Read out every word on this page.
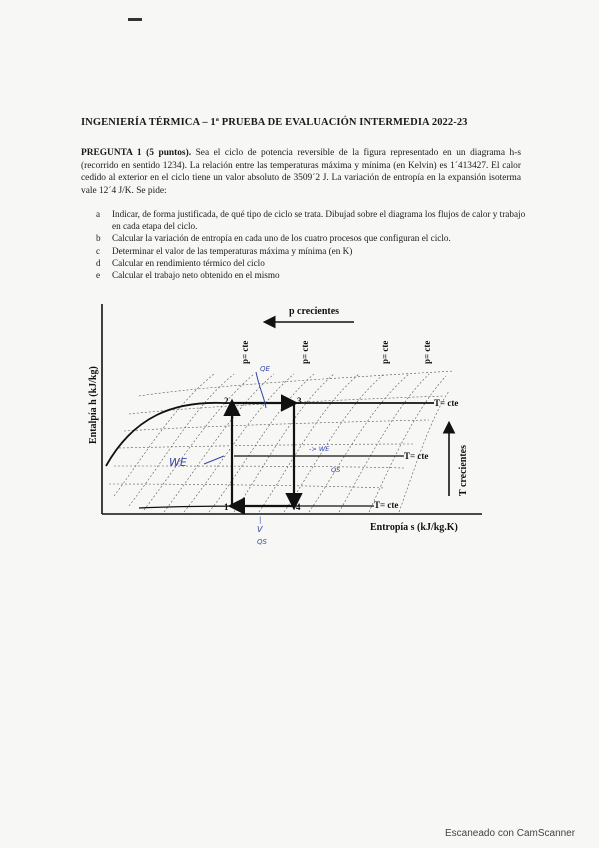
INGENIERÍA TÉRMICA – 1ª PRUEBA DE EVALUACIÓN INTERMEDIA 2022-23
PREGUNTA 1 (5 puntos). Sea el ciclo de potencia reversible de la figura representado en un diagrama h-s (recorrido en sentido 1234). La relación entre las temperaturas máxima y mínima (en Kelvin) es 1´413427. El calor cedido al exterior en el ciclo tiene un valor absoluto de 3509´2 J. La variación de entropía en la expansión isoterma vale 12´4 J/K. Se pide:
a Indicar, de forma justificada, de qué tipo de ciclo se trata. Dibujad sobre el diagrama los flujos de calor y trabajo en cada etapa del ciclo.
b Calcular la variación de entropía en cada uno de los cuatro procesos que configuran el ciclo.
c Determinar el valor de las temperaturas máxima y mínima (en K)
d Calcular en rendimiento térmico del ciclo
e Calcular el trabajo neto obtenido en el mismo
2	3
1	4
p crecientes
p= cte	p= cte	p= cte	p= cte
T= cte
T= cte
T= cte
T crecientes
Entalpía h (kJ/kg)
Entropía s (kJ/kg.K)
QE
-> WE
WE
QS
|
V
QS
Escaneado con CamScanner
